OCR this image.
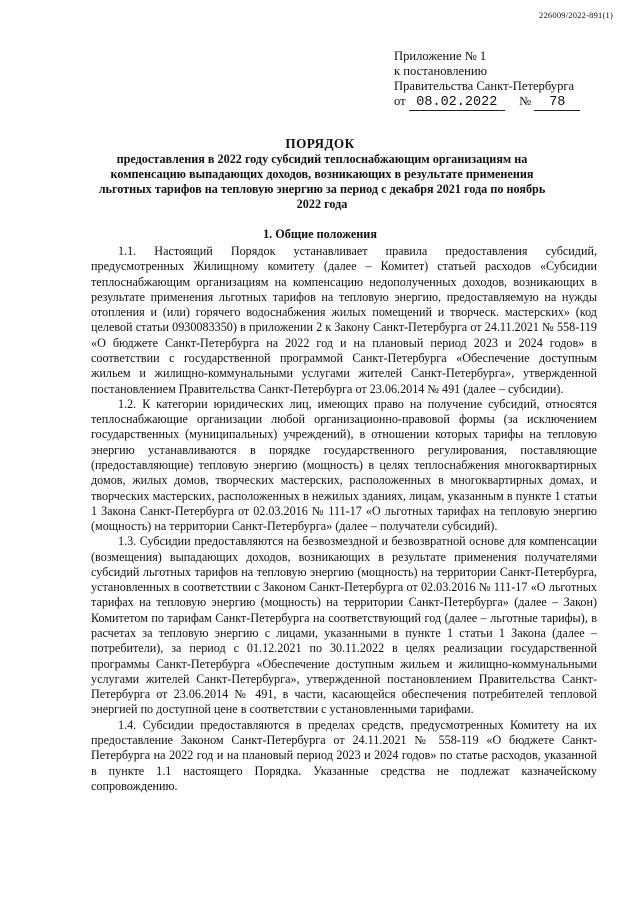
226009/2022-891(1)
Приложение № 1
к постановлению
Правительства Санкт-Петербурга
от 08.02.2022 № 78
ПОРЯДОК
предоставления в 2022 году субсидий теплоснабжающим организациям на компенсацию выпадающих доходов, возникающих в результате применения льготных тарифов на тепловую энергию за период с декабря 2021 года по ноябрь 2022 года
1. Общие положения

1.1. Настоящий Порядок устанавливает правила предоставления субсидий, предусмотренных Жилищному комитету (далее – Комитет) статьей расходов «Субсидии теплоснабжающим организациям на компенсацию недополученных доходов, возникающих в результате применения льготных тарифов на тепловую энергию, предоставляемую на нужды отопления и (или) горячего водоснабжения жилых помещений и творческ. мастерских» (код целевой статьи 0930083350) в приложении 2 к Закону Санкт-Петербурга от 24.11.2021 № 558-119 «О бюджете Санкт-Петербурга на 2022 год и на плановый период 2023 и 2024 годов» в соответствии с государственной программой Санкт-Петербурга «Обеспечение доступным жильем и жилищно-коммунальными услугами жителей Санкт-Петербурга», утвержденной постановлением Правительства Санкт-Петербурга от 23.06.2014 № 491 (далее – субсидии).

1.2. К категории юридических лиц, имеющих право на получение субсидий, относятся теплоснабжающие организации любой организационно-правовой формы (за исключением государственных (муниципальных) учреждений), в отношении которых тарифы на тепловую энергию устанавливаются в порядке государственного регулирования, поставляющие (предоставляющие) тепловую энергию (мощность) в целях теплоснабжения многоквартирных домов, жилых домов, творческих мастерских, расположенных в многоквартирных домах, и творческих мастерских, расположенных в нежилых зданиях, лицам, указанным в пункте 1 статьи 1 Закона Санкт-Петербурга от 02.03.2016 № 111-17 «О льготных тарифах на тепловую энергию (мощность) на территории Санкт-Петербурга» (далее – получатели субсидий).

1.3. Субсидии предоставляются на безвозмездной и безвозвратной основе для компенсации (возмещения) выпадающих доходов, возникающих в результате применения получателями субсидий льготных тарифов на тепловую энергию (мощность) на территории Санкт-Петербурга, установленных в соответствии с Законом Санкт-Петербурга от 02.03.2016 № 111-17 «О льготных тарифах на тепловую энергию (мощность) на территории Санкт-Петербурга» (далее – Закон) Комитетом по тарифам Санкт-Петербурга на соответствующий год (далее – льготные тарифы), в расчетах за тепловую энергию с лицами, указанными в пункте 1 статьи 1 Закона (далее – потребители), за период с 01.12.2021 по 30.11.2022 в целях реализации государственной программы Санкт-Петербурга «Обеспечение доступным жильем и жилищно-коммунальными услугами жителей Санкт-Петербурга», утвержденной постановлением Правительства Санкт-Петербурга от 23.06.2014 № 491, в части, касающейся обеспечения потребителей тепловой энергией по доступной цене в соответствии с установленными тарифами.

1.4. Субсидии предоставляются в пределах средств, предусмотренных Комитету на их предоставление Законом Санкт-Петербурга от 24.11.2021 № 558-119 «О бюджете Санкт-Петербурга на 2022 год и на плановый период 2023 и 2024 годов» по статье расходов, указанной в пункте 1.1 настоящего Порядка. Указанные средства не подлежат казначейскому сопровождению.
